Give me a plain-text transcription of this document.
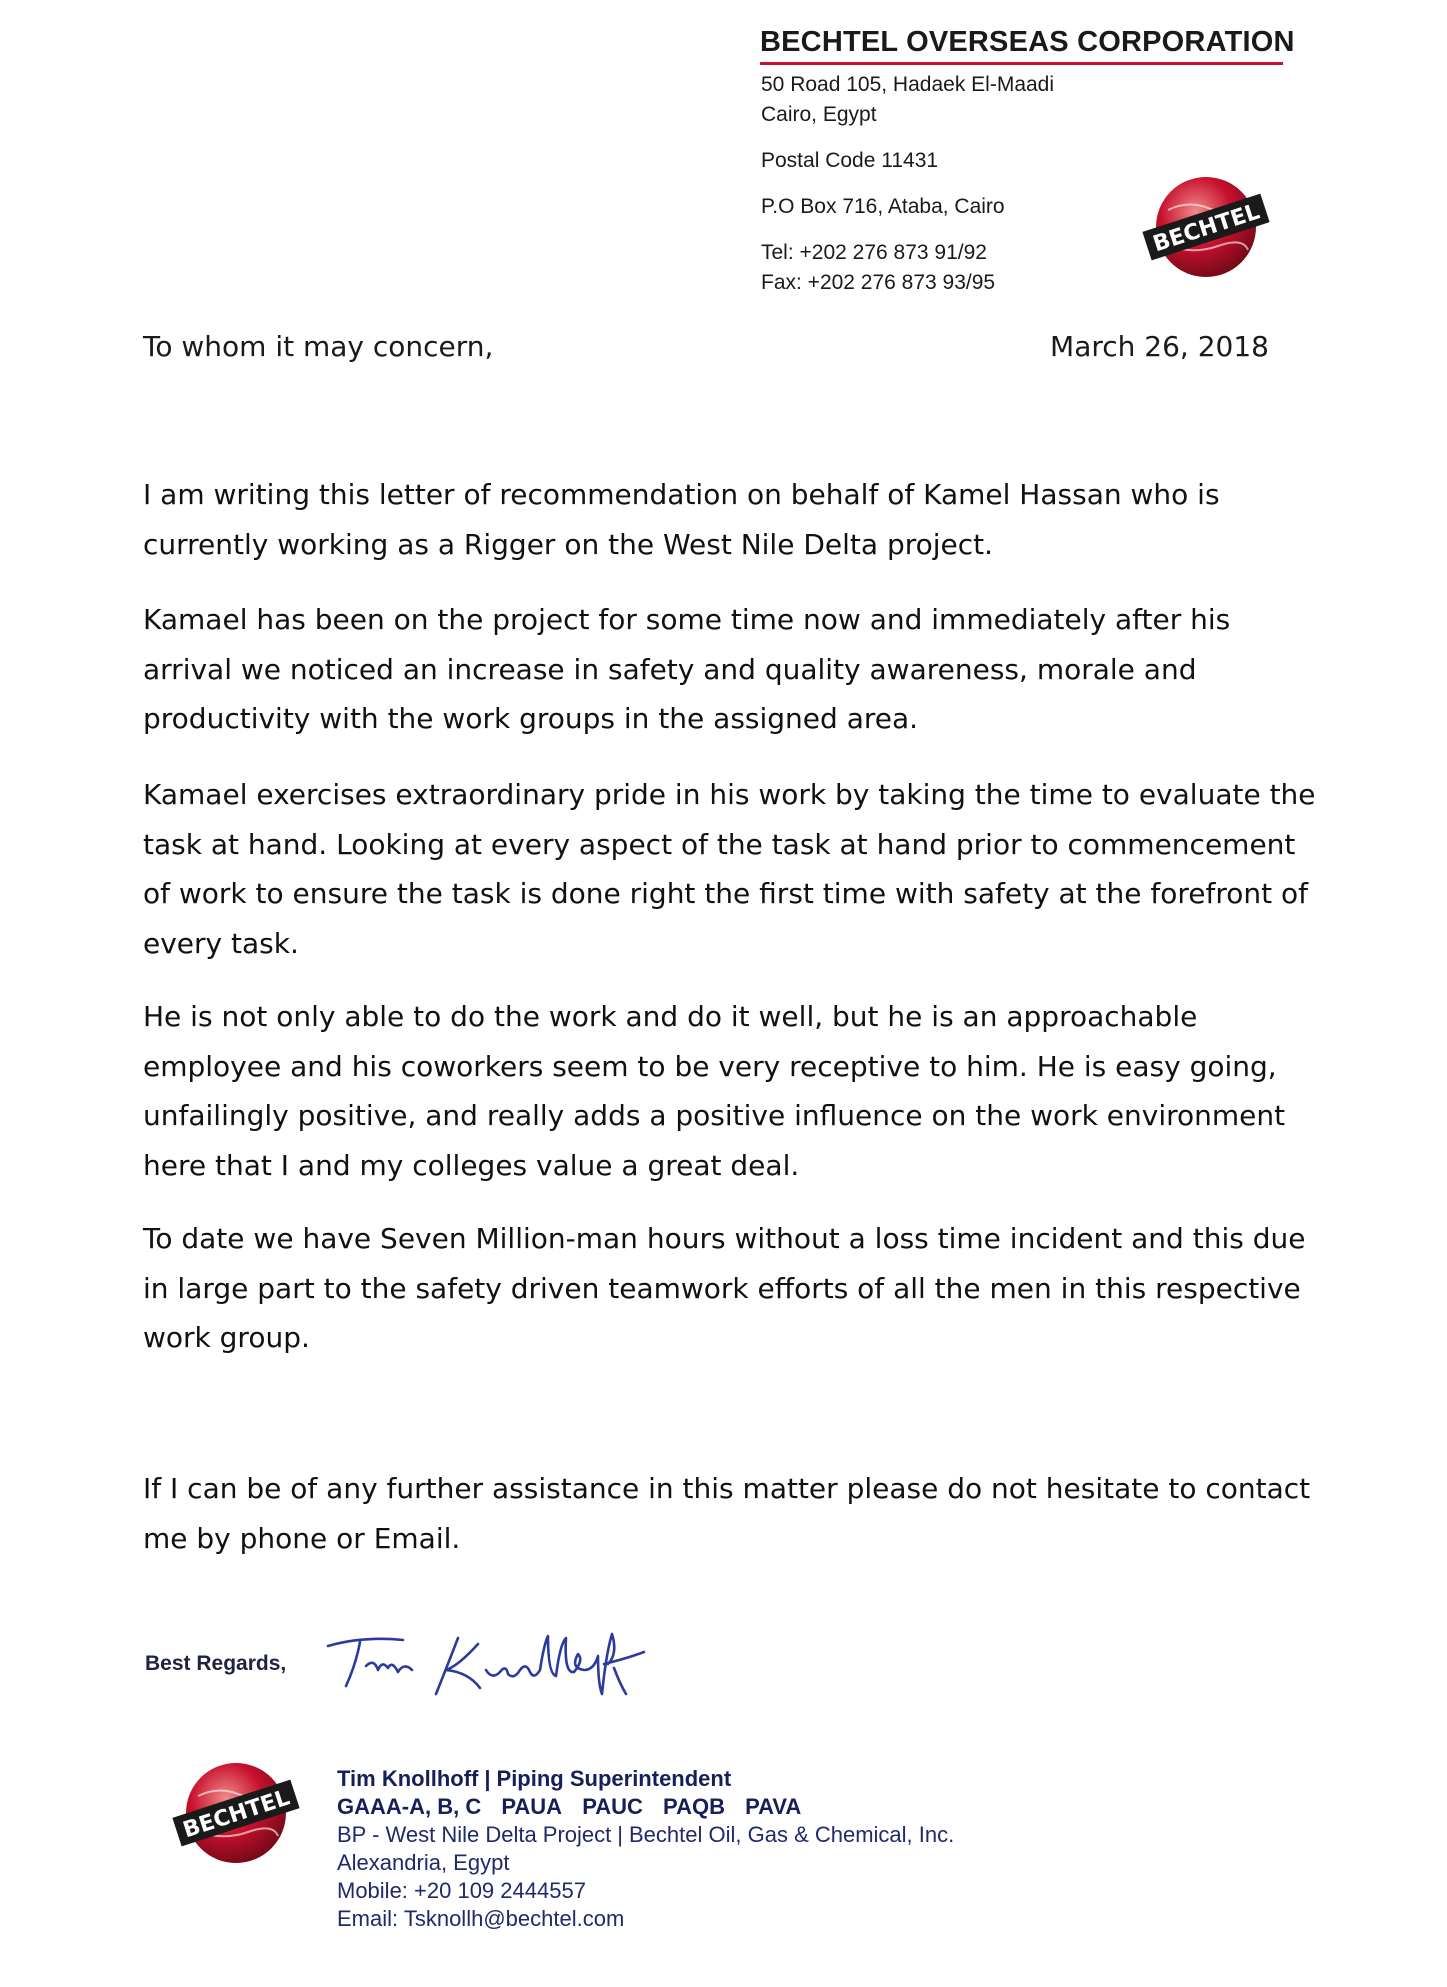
BECHTEL OVERSEAS CORPORATION
50 Road 105, Hadaek El-Maadi
Cairo, Egypt
Postal Code 11431
P.O Box 716, Ataba, Cairo
Tel: +202 276 873 91/92
Fax: +202 276 873 93/95
BECHTEL
To whom it may concern,	March 26, 2018
I am writing this letter of recommendation on behalf of Kamel Hassan who is currently working as a Rigger on the West Nile Delta project.
Kamael has been on the project for some time now and immediately after his arrival we noticed an increase in safety and quality awareness, morale and productivity with the work groups in the assigned area.
Kamael exercises extraordinary pride in his work by taking the time to evaluate the task at hand. Looking at every aspect of the task at hand prior to commencement of work to ensure the task is done right the first time with safety at the forefront of every task.
He is not only able to do the work and do it well, but he is an approachable employee and his coworkers seem to be very receptive to him. He is easy going, unfailingly positive, and really adds a positive influence on the work environment here that I and my colleges value a great deal.
To date we have Seven Million-man hours without a loss time incident and this due in large part to the safety driven teamwork efforts of all the men in this respective work group.
If I can be of any further assistance in this matter please do not hesitate to contact me by phone or Email.
Best Regards,
BECHTEL
Tim Knollhoff | Piping Superintendent
GAAA-A, B, C PAUA PAUC PAQB PAVA
BP - West Nile Delta Project | Bechtel Oil, Gas & Chemical, Inc.
Alexandria, Egypt
Mobile: +20 109 2444557
Email: Tsknollh@bechtel.com
